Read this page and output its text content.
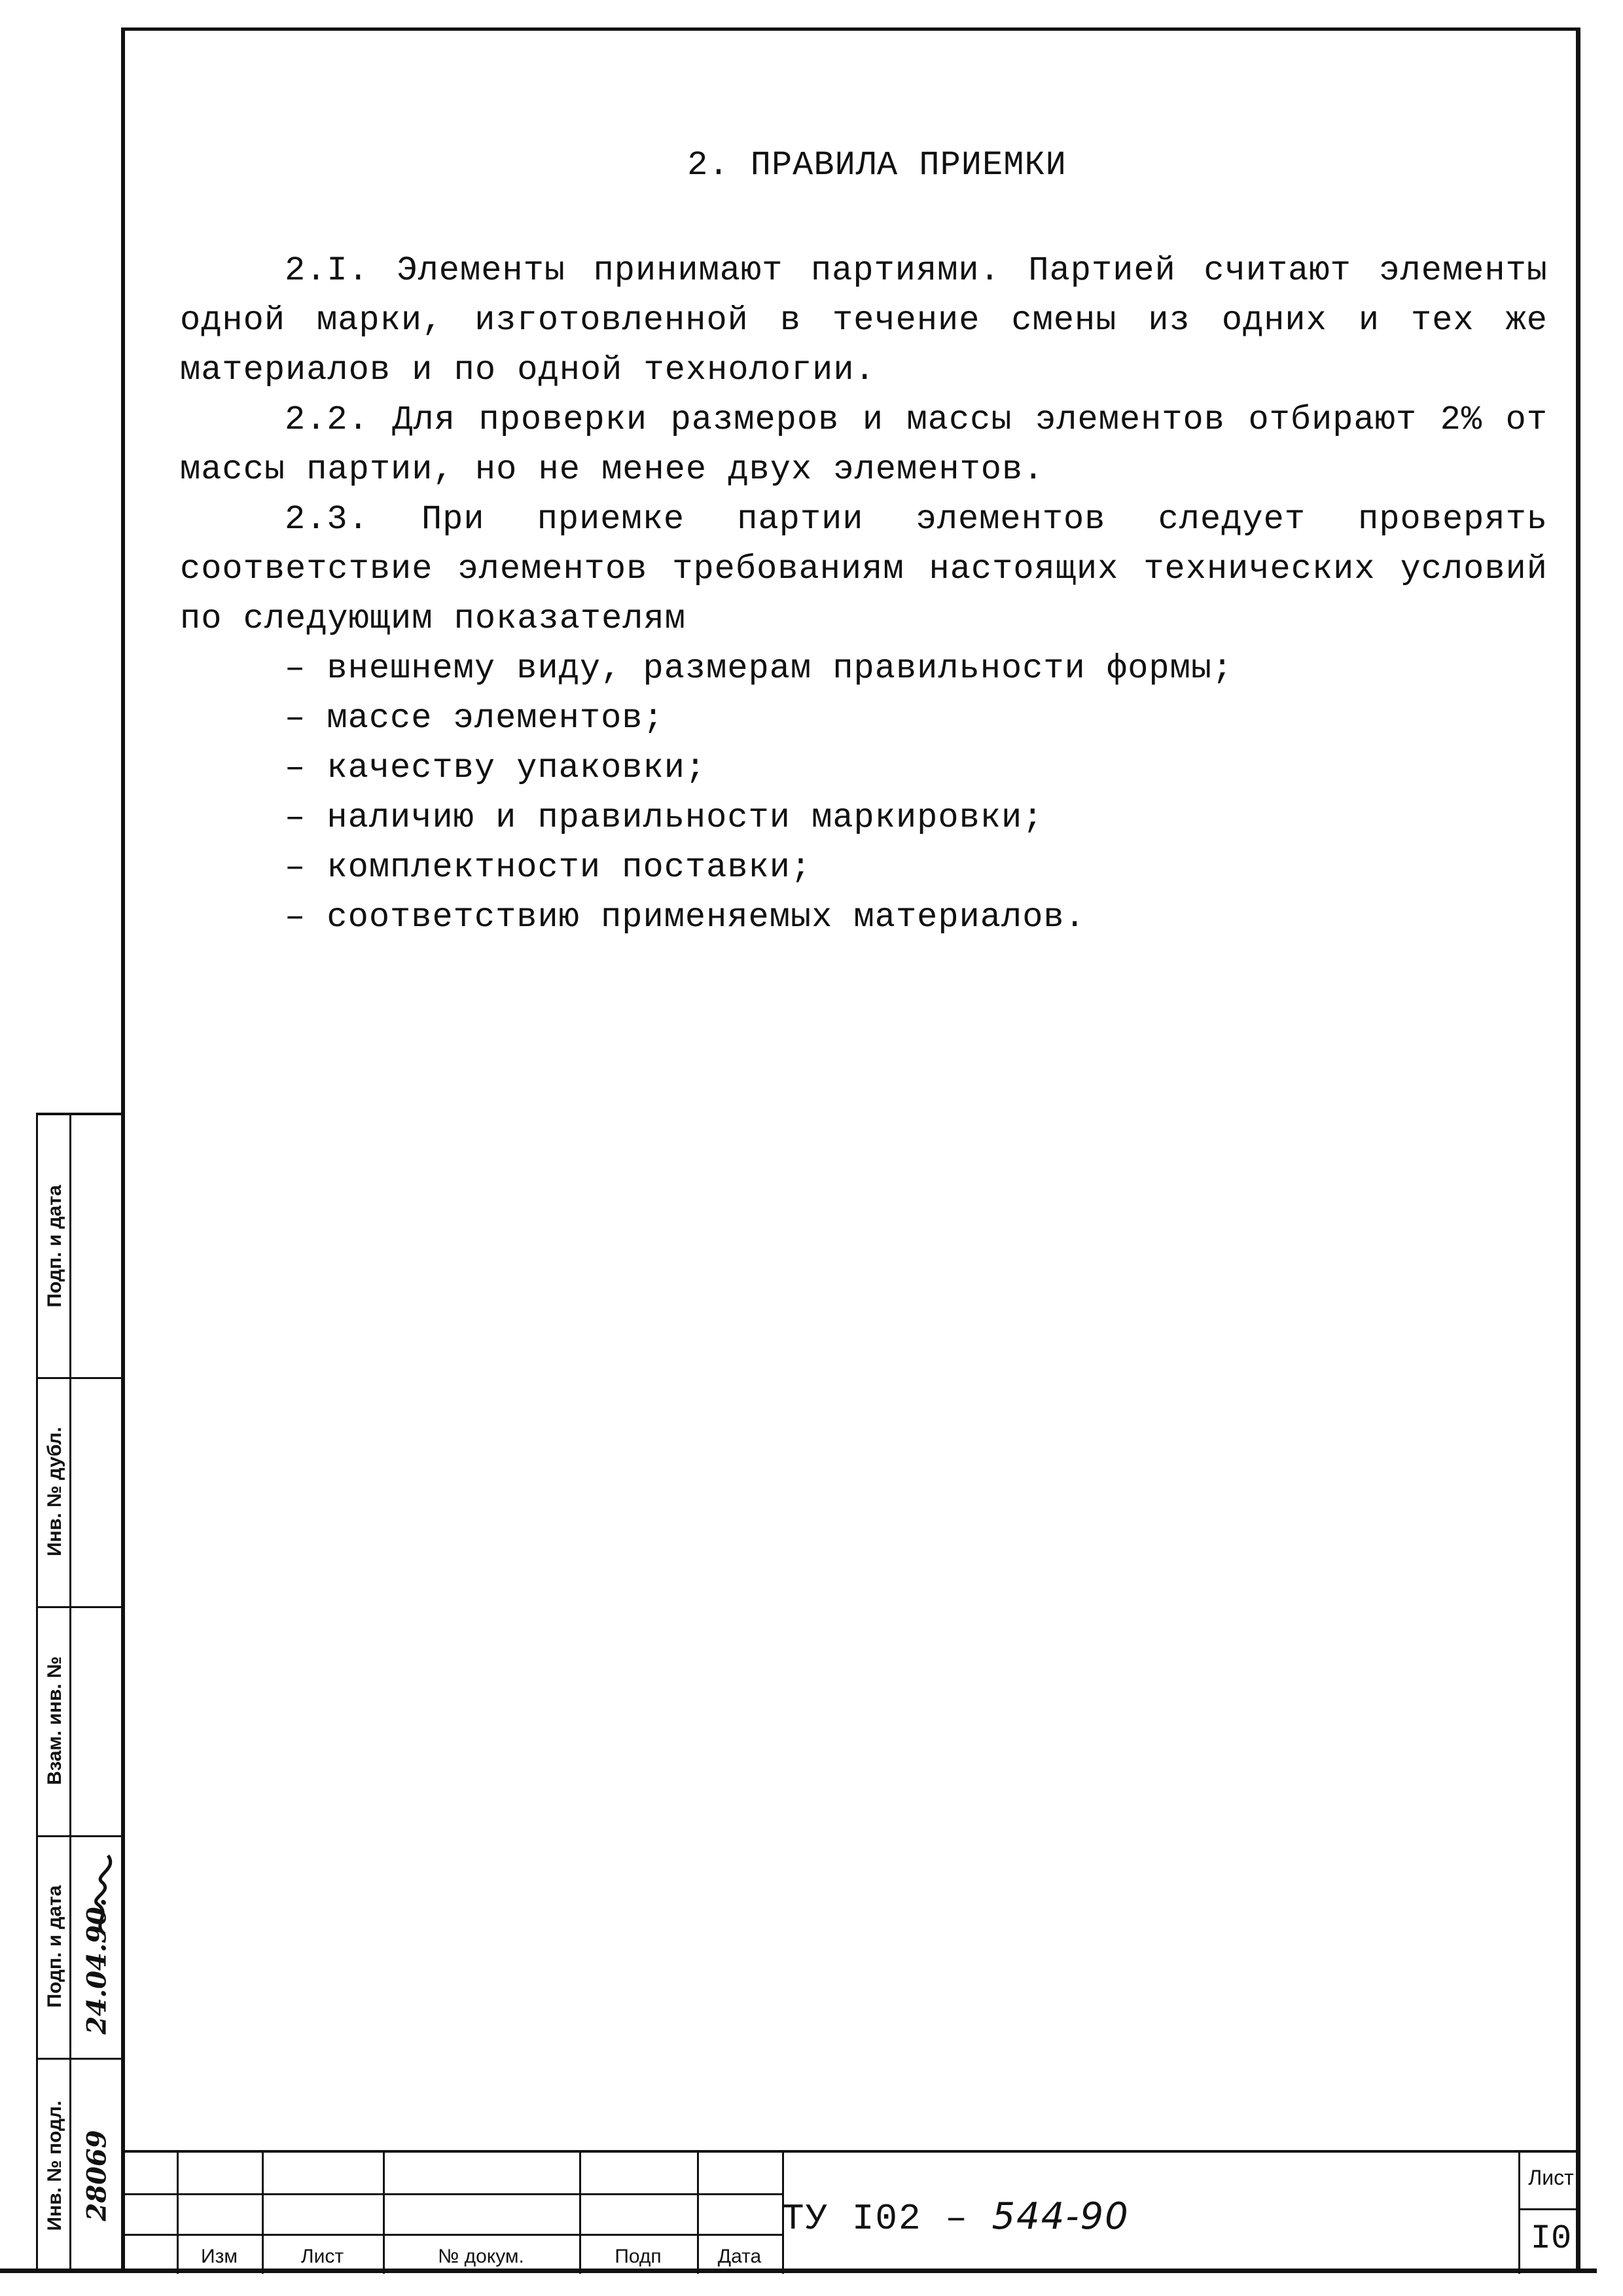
2. ПРАВИЛА ПРИЕМКИ

2.I. Элементы принимают партиями. Партией считают элементы одной марки, изготовленной в течение смены из одних и тех же материалов и по одной технологии.

2.2. Для проверки размеров и массы элементов отбирают 2% от массы партии, но не менее двух элементов.

2.3. При приемке партии элементов следует проверять соответствие элементов требованиям настоящих технических условий по следующим показателям

– внешнему виду, размерам правильности формы;
– массе элементов;
– качеству упаковки;
– наличию и правильности маркировки;
– комплектности поставки;
– соответствию применяемых материалов.
Подп. и дата
Инв. № дубл.
Взам. инв. №
Подп. и дата
Инв. № подл.
24.04.90.
28069
Изм	Лист	№ докум.	Подп	Дата
ТУ I02 – 544-90
Лист
I0
